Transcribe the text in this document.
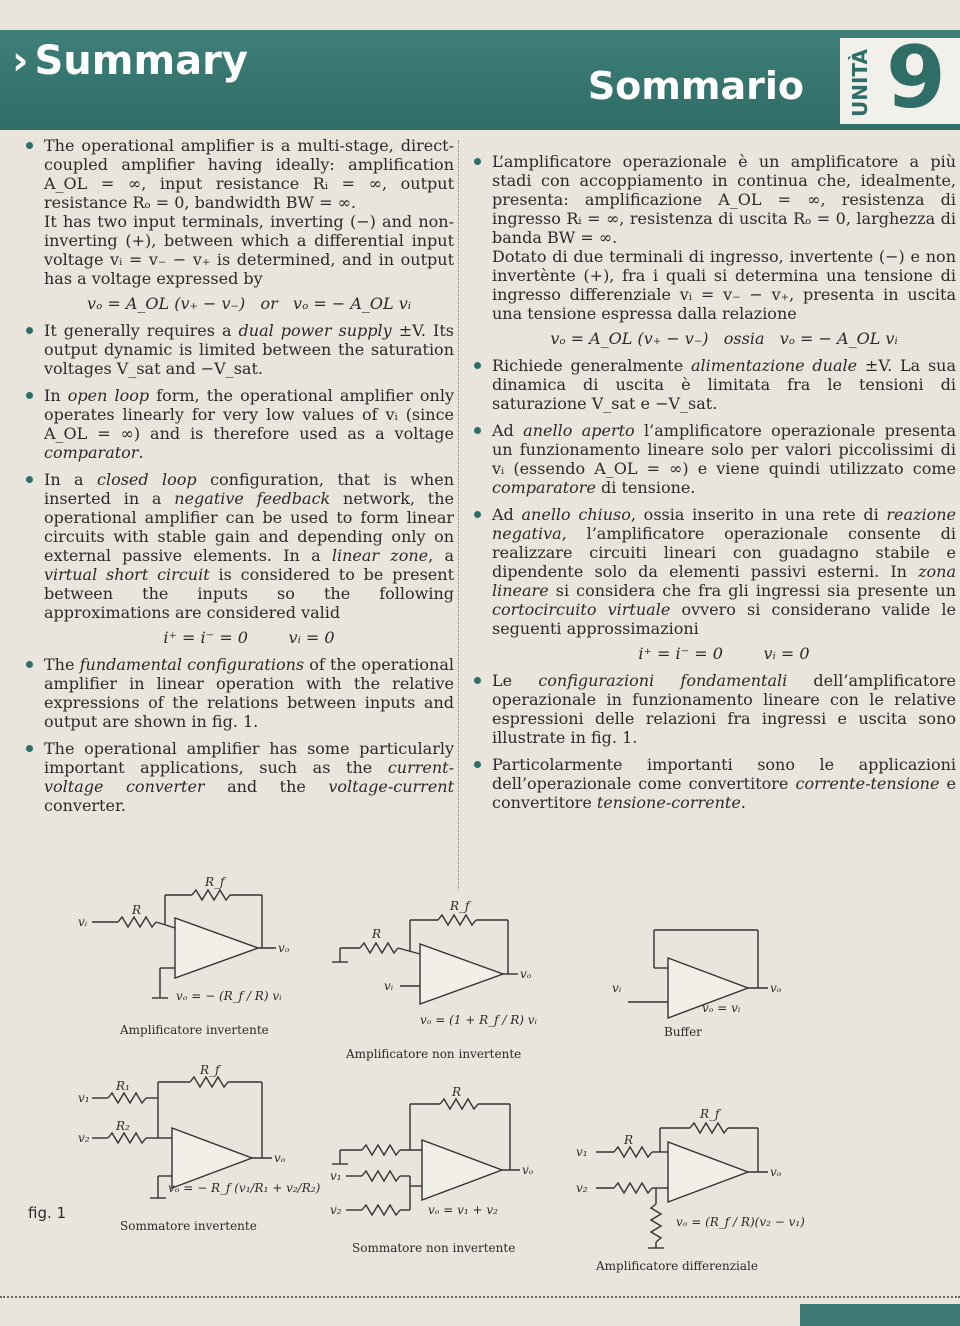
› Summary
Sommario UNITÀ 9

The operational amplifier is a multi-stage, direct-coupled amplifier having ideally: amplification A_OL = ∞, input resistance Rᵢ = ∞, output resistance Rₒ = 0, bandwidth BW = ∞.

It has two input terminals, inverting (−) and non-inverting (+), between which a differential input voltage vᵢ = v₋ − v₊ is determined, and in output has a voltage expressed by

vₒ = A_OL (v₊ − v₋)   or   vₒ = − A_OL vᵢ

It generally requires a dual power supply ±V. Its output dynamic is limited between the saturation voltages V_sat and −V_sat.

In open loop form, the operational amplifier only operates linearly for very low values of vᵢ (since A_OL = ∞) and is therefore used as a voltage comparator.

In a closed loop configuration, that is when inserted in a negative feedback network, the operational amplifier can be used to form linear circuits with stable gain and depending only on external passive elements. In a linear zone, a virtual short circuit is considered to be present between the inputs so the following approximations are considered valid

i⁺ = i⁻ = 0        vᵢ = 0

The fundamental configurations of the operational amplifier in linear operation with the relative expressions of the relations between inputs and output are shown in fig. 1.

The operational amplifier has some particularly important applications, such as the current-voltage converter and the voltage-current converter.

L’amplificatore operazionale è un amplificatore a più stadi con accoppiamento in continua che, idealmente, presenta: amplificazione A_OL = ∞, resistenza di ingresso Rᵢ = ∞, resistenza di uscita Rₒ = 0, larghezza di banda BW = ∞.

Dotato di due terminali di ingresso, invertente (−) e non invertènte (+), fra i quali si determina una tensione di ingresso differenziale vᵢ = v₋ − v₊, presenta in uscita una tensione espressa dalla relazione

vₒ = A_OL (v₊ − v₋)   ossia   vₒ = − A_OL vᵢ

Richiede generalmente alimentazione duale ±V. La sua dinamica di uscita è limitata fra le tensioni di saturazione V_sat e −V_sat.

Ad anello aperto l’amplificatore operazionale presenta un funzionamento lineare solo per valori piccolissimi di vᵢ (essendo A_OL = ∞) e viene quindi utilizzato come comparatore di tensione.

Ad anello chiuso, ossia inserito in una rete di reazione negativa, l’amplificatore operazionale consente di realizzare circuiti lineari con guadagno stabile e dipendente solo da elementi passivi esterni. In zona lineare si considera che fra gli ingressi sia presente un cortocircuito virtuale ovvero si considerano valide le seguenti approssimazioni

i⁺ = i⁻ = 0        vᵢ = 0

Le configurazioni fondamentali dell’amplificatore operazionale in funzionamento lineare con le relative espressioni delle relazioni fra ingressi e uscita sono illustrate in fig. 1.

Particolarmente importanti sono le applicazioni dell’operazionale come convertitore corrente-tensione e convertitore tensione-corrente.

R_f
R
vᵢ
vₒ
vₒ = − (R_f / R) vᵢ
Amplificatore invertente
R_f
R
vᵢ
vₒ
vₒ = (1 + R_f / R) vᵢ
Amplificatore non invertente
vᵢ	vₒ
vₒ = vᵢ
Buffer
R_f
R₁
R₂
v₁
v₂
vₒ
vₒ = − R_f (v₁/R₁ + v₂/R₂)
Sommatore invertente
R
v₁
v₂
vₒ
vₒ = v₁ + v₂
Sommatore non invertente
R_f
R
v₁
v₂
vₒ
vₒ = (R_f / R)(v₂ − v₁)
Amplificatore differenziale
fig. 1
